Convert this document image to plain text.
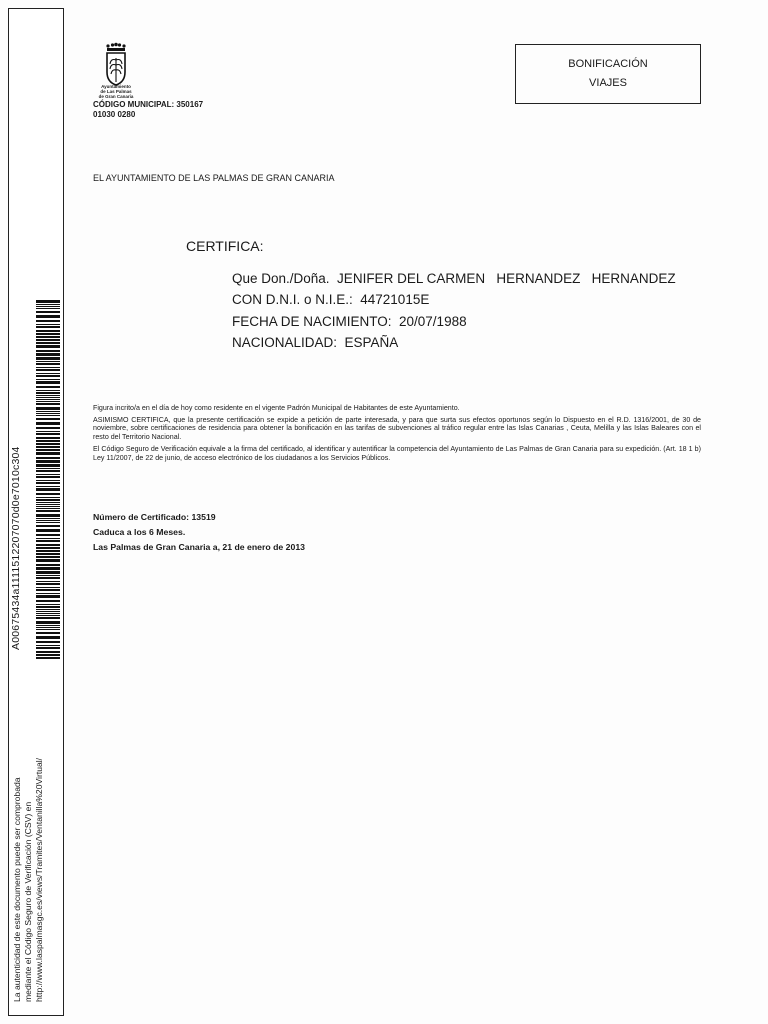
A00675434a1111512207070d0e7010c304
La autenticidad de este documento puede ser comprobada mediante el Código Seguro de Verificación (CSV) en http://www.laspalmasgc.es/views/Tramites/Ventanilla%20Virtual/
Ayuntamiento
de Las Palmas
de Gran Canaria
CÓDIGO MUNICIPAL: 350167
01030 0280
BONIFICACIÓN
VIAJES
EL AYUNTAMIENTO DE LAS PALMAS DE GRAN CANARIA
CERTIFICA:
Que Don./Doña.  JENIFER DEL CARMEN   HERNANDEZ   HERNANDEZ
CON D.N.I. o N.I.E.:  44721015E
FECHA DE NACIMIENTO:  20/07/1988
NACIONALIDAD:  ESPAÑA

Figura incrito/a en el día de hoy como residente en el vigente Padrón Municipal de Habitantes de este Ayuntamiento.

ASIMISMO CERTIFICA, que la presente certificación se expide a petición de parte interesada, y para que surta sus efectos oportunos según lo Dispuesto en el R.D. 1316/2001, de 30 de noviembre, sobre certificaciones de residencia para obtener la bonificación en las tarifas de subvenciones al tráfico regular entre las Islas Canarias , Ceuta, Melilla y las Islas Baleares con el resto del Territorio Nacional.

El Código Seguro de Verificación equivale a la firma del certificado, al identificar y autentificar la competencia del Ayuntamiento de Las Palmas de Gran Canaria para su expedición. (Art. 18 1 b) Ley 11/2007, de 22 de junio, de acceso electrónico de los ciudadanos a los Servicios Públicos.

Número de Certificado: 13519
Caduca a los 6 Meses.
Las Palmas de Gran Canaria a, 21 de enero de 2013
